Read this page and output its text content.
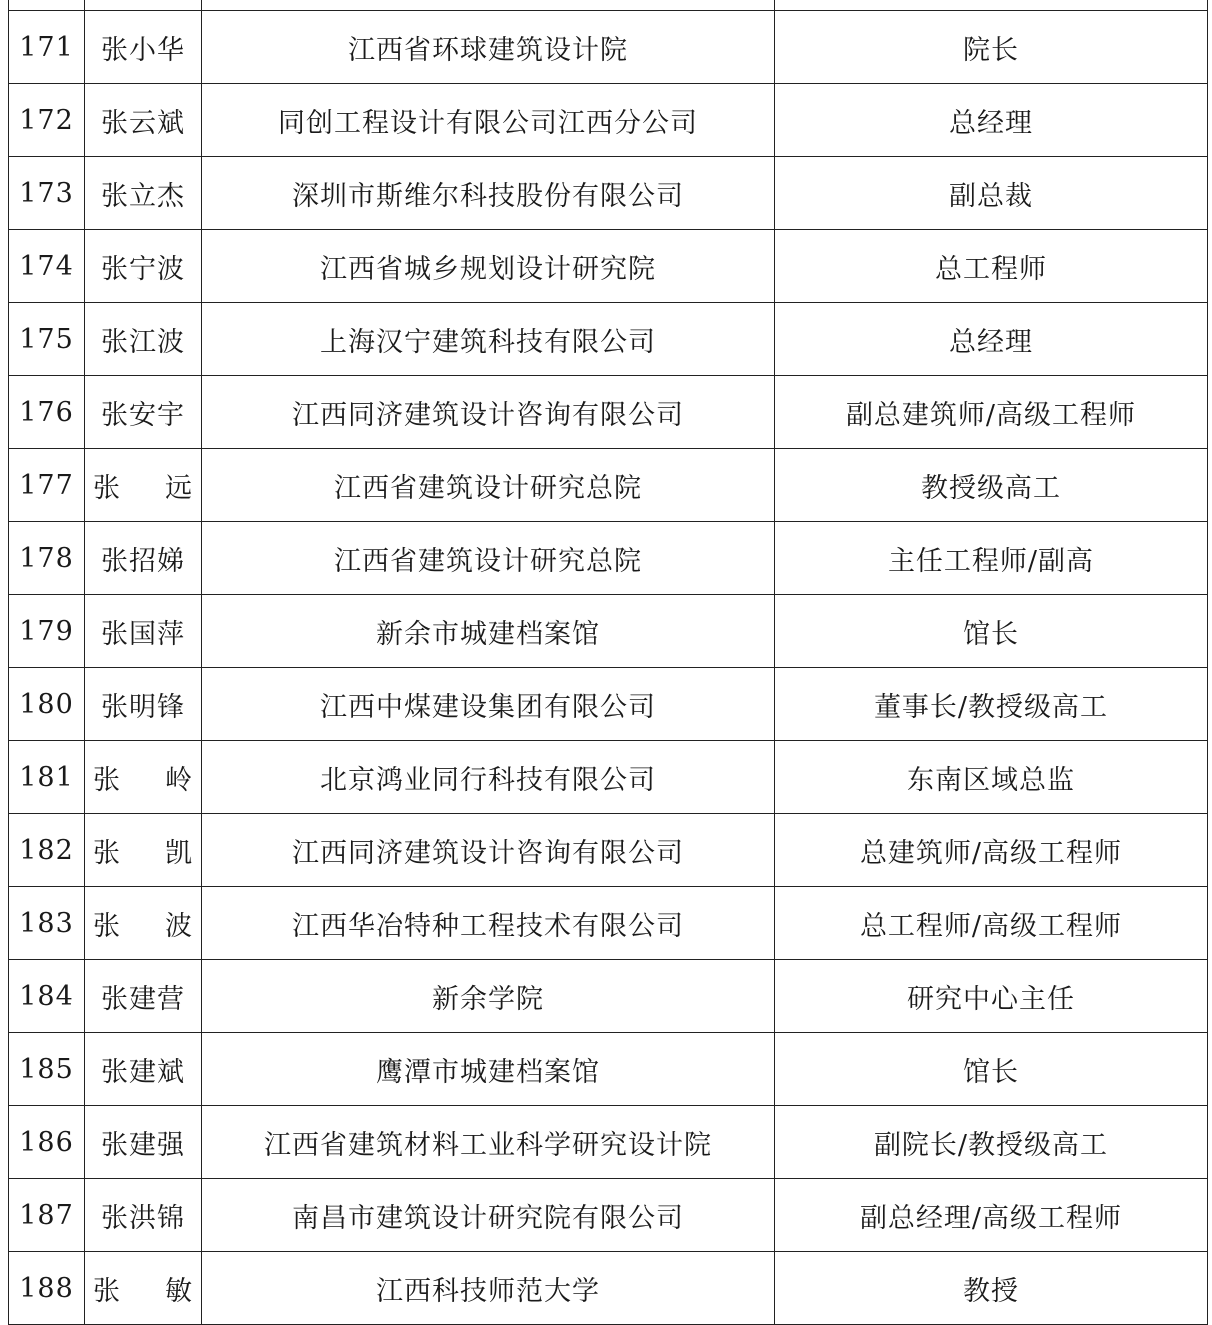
171	张小华	江西省环球建筑设计院	院长
172	张云斌	同创工程设计有限公司江西分公司	总经理
173	张立杰	深圳市斯维尔科技股份有限公司	副总裁
174	张宁波	江西省城乡规划设计研究院	总工程师
175	张江波	上海汉宁建筑科技有限公司	总经理
176	张安宇	江西同济建筑设计咨询有限公司	副总建筑师/高级工程师
177	张 远	江西省建筑设计研究总院	教授级高工
178	张招娣	江西省建筑设计研究总院	主任工程师/副高
179	张国萍	新余市城建档案馆	馆长
180	张明锋	江西中煤建设集团有限公司	董事长/教授级高工
181	张 岭	北京鸿业同行科技有限公司	东南区域总监
182	张 凯	江西同济建筑设计咨询有限公司	总建筑师/高级工程师
183	张 波	江西华冶特种工程技术有限公司	总工程师/高级工程师
184	张建营	新余学院	研究中心主任
185	张建斌	鹰潭市城建档案馆	馆长
186	张建强	江西省建筑材料工业科学研究设计院	副院长/教授级高工
187	张洪锦	南昌市建筑设计研究院有限公司	副总经理/高级工程师
188	张 敏	江西科技师范大学	教授
